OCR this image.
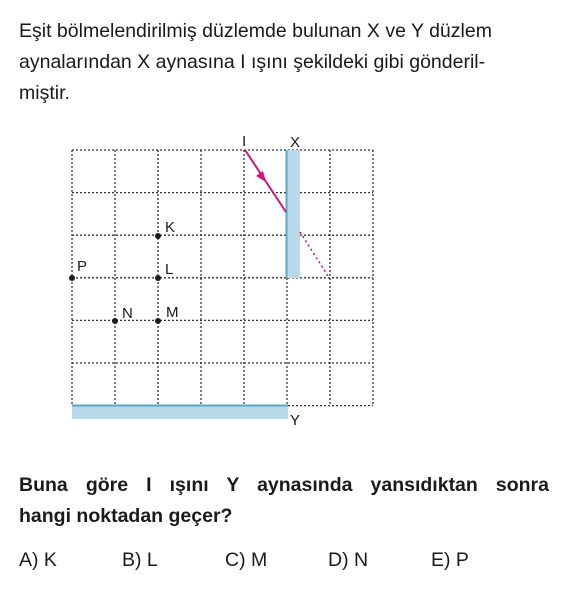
Eşit bölmelendirilmiş düzlemde bulunan X ve Y düzlem
aynalarından X aynasına I ışını şekildeki gibi gönderil-
miştir.
I	X
Y
K
L
M
N
P
Buna göre I ışını Y aynasında yansıdıktan sonra
hangi noktadan geçer?
A) K	B) L	C) M	D) N	E) P
